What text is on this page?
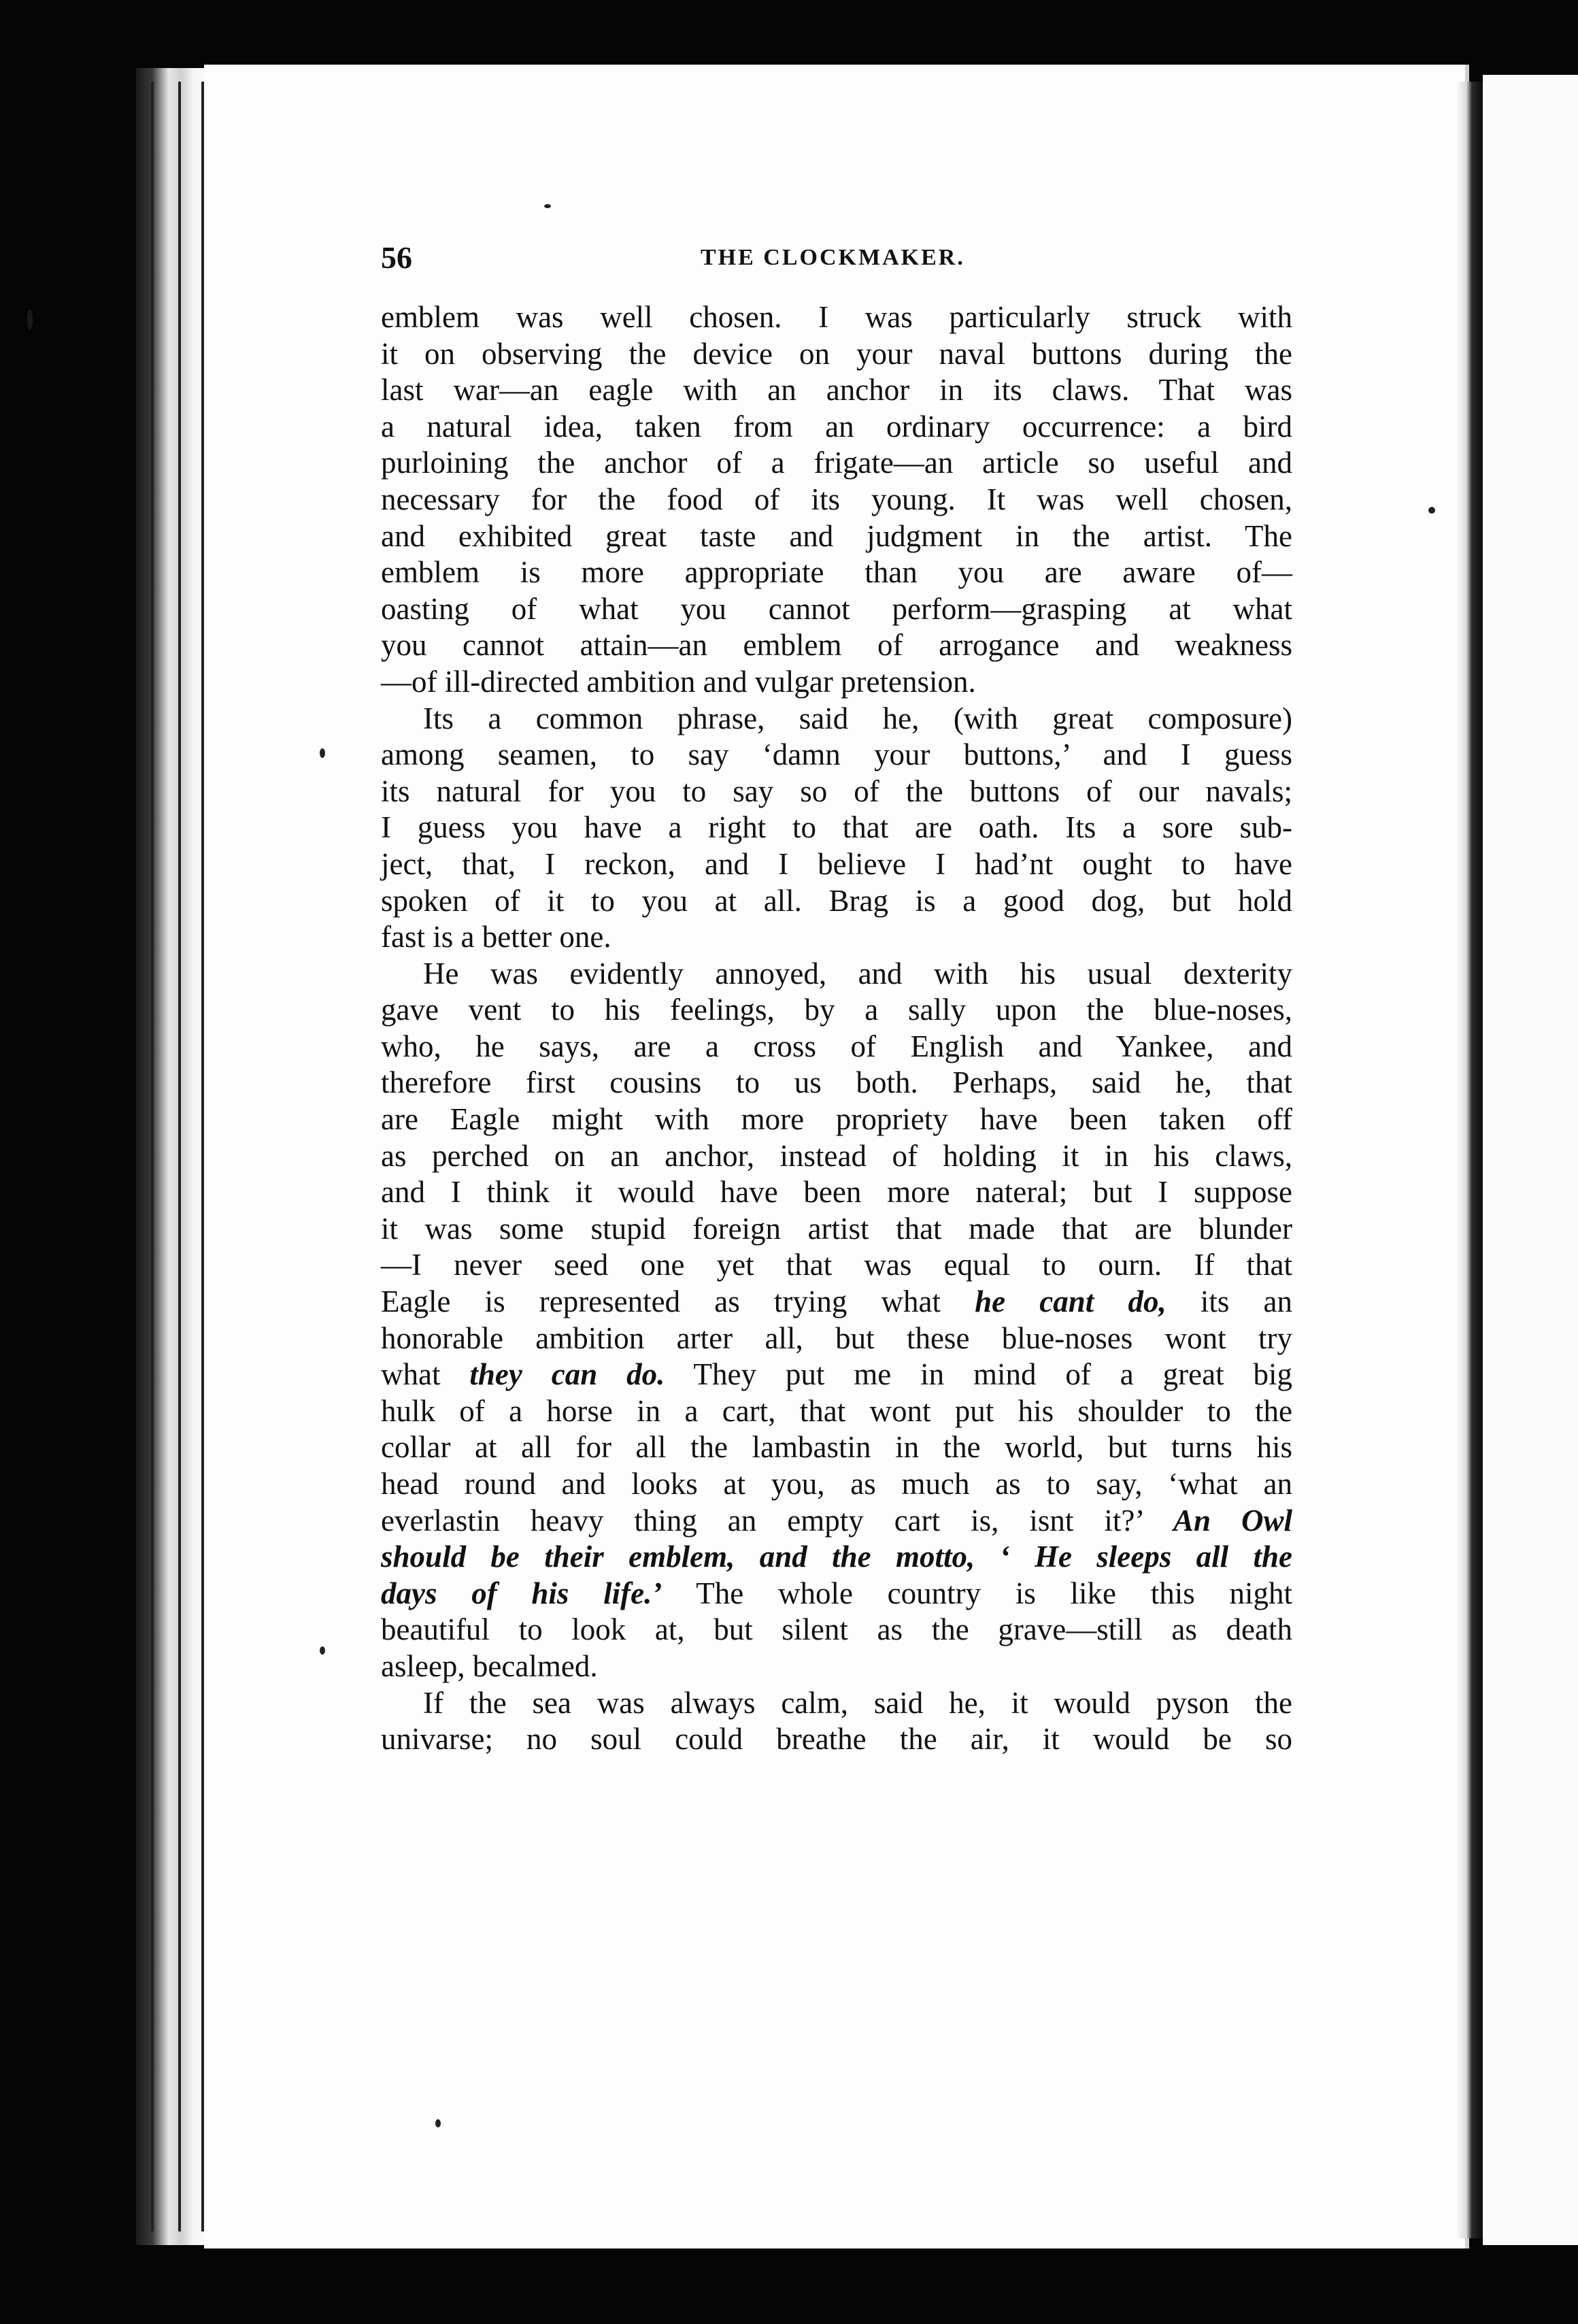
56	THE CLOCKMAKER.
emblem was well chosen. I was particularly struck with
it on observing the device on your naval buttons during the
last war—an eagle with an anchor in its claws. That was
a natural idea, taken from an ordinary occurrence: a bird
purloining the anchor of a frigate—an article so useful and
necessary for the food of its young. It was well chosen,
and exhibited great taste and judgment in the artist. The
emblem is more appropriate than you are aware of—
oasting of what you cannot perform—grasping at what
you cannot attain—an emblem of arrogance and weakness
—of ill-directed ambition and vulgar pretension.
Its a common phrase, said he, (with great composure)
among seamen, to say ‘damn your buttons,’ and I guess
its natural for you to say so of the buttons of our navals;
I guess you have a right to that are oath. Its a sore sub-
ject, that, I reckon, and I believe I had’nt ought to have
spoken of it to you at all. Brag is a good dog, but hold
fast is a better one.
He was evidently annoyed, and with his usual dexterity
gave vent to his feelings, by a sally upon the blue-noses,
who, he says, are a cross of English and Yankee, and
therefore first cousins to us both. Perhaps, said he, that
are Eagle might with more propriety have been taken off
as perched on an anchor, instead of holding it in his claws,
and I think it would have been more nateral; but I suppose
it was some stupid foreign artist that made that are blunder
—I never seed one yet that was equal to ourn. If that
Eagle is represented as trying what he cant do, its an
honorable ambition arter all, but these blue-noses wont try
what they can do. They put me in mind of a great big
hulk of a horse in a cart, that wont put his shoulder to the
collar at all for all the lambastin in the world, but turns his
head round and looks at you, as much as to say, ‘what an
everlastin heavy thing an empty cart is, isnt it?’ An Owl
should be their emblem, and the motto, ‘ He sleeps all the
days of his life.’ The whole country is like this night
beautiful to look at, but silent as the grave—still as death
asleep, becalmed.
If the sea was always calm, said he, it would pyson the
univarse; no soul could breathe the air, it would be so
